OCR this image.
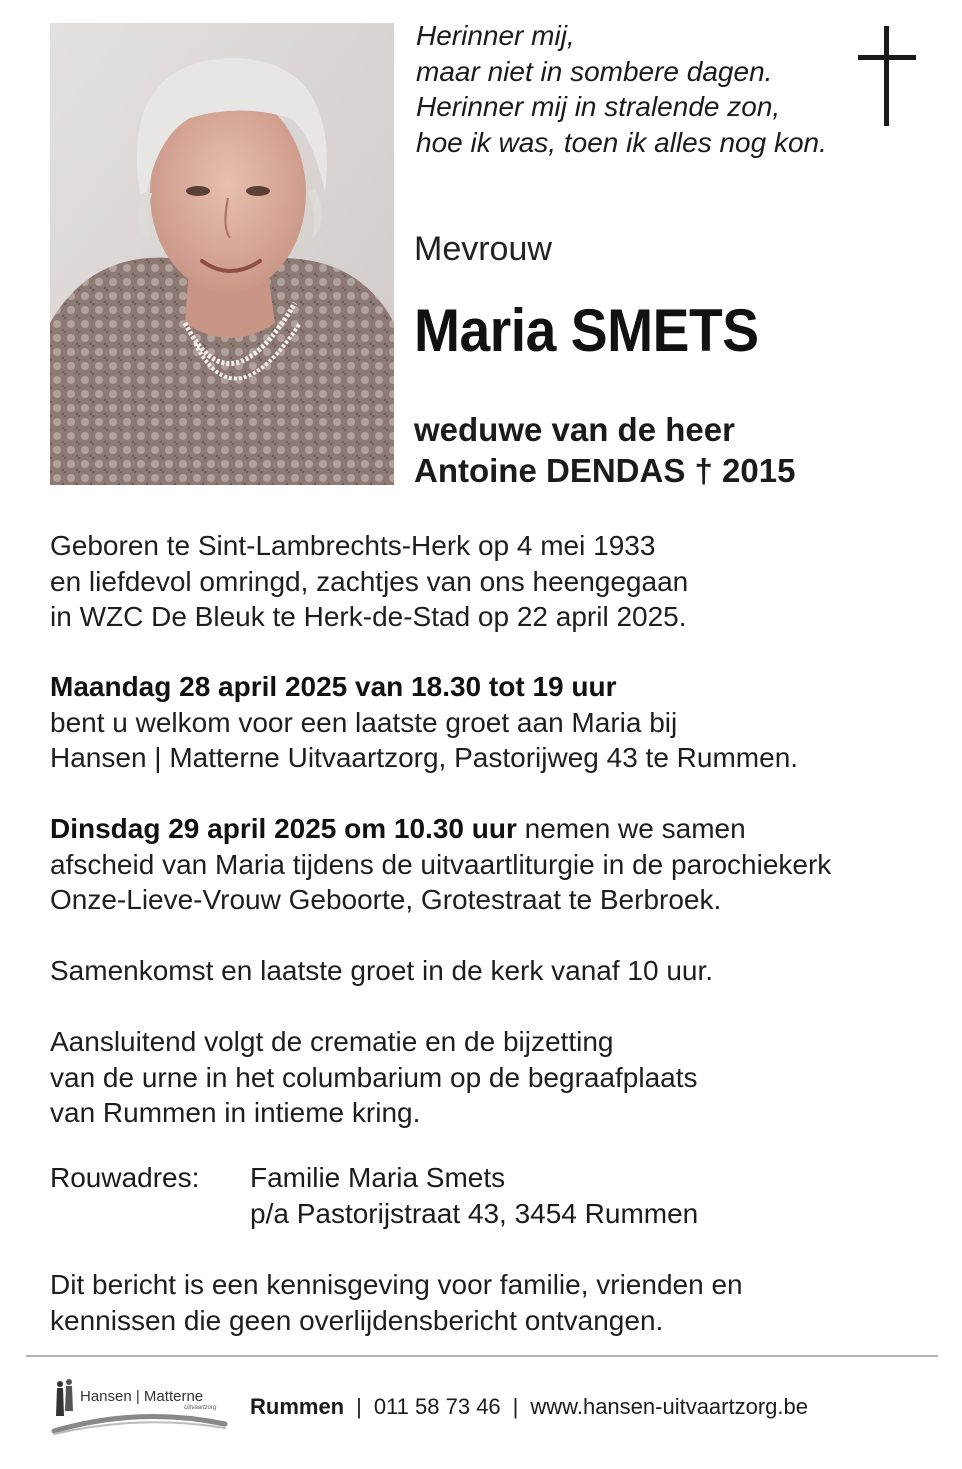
Herinner mij,
maar niet in sombere dagen.
Herinner mij in stralende zon,
hoe ik was, toen ik alles nog kon.
Mevrouw
Maria SMETS
weduwe van de heer
Antoine DENDAS † 2015
Geboren te Sint-Lambrechts-Herk op 4 mei 1933
en liefdevol omringd, zachtjes van ons heengegaan
in WZC De Bleuk te Herk-de-Stad op 22 april 2025.
Maandag 28 april 2025 van 18.30 tot 19 uur
bent u welkom voor een laatste groet aan Maria bij
Hansen | Matterne Uitvaartzorg, Pastorijweg 43 te Rummen.
Dinsdag 29 april 2025 om 10.30 uur nemen we samen
afscheid van Maria tijdens de uitvaartliturgie in de parochiekerk
Onze-Lieve-Vrouw Geboorte, Grotestraat te Berbroek.
Samenkomst en laatste groet in de kerk vanaf 10 uur.
Aansluitend volgt de crematie en de bijzetting
van de urne in het columbarium op de begraafplaats
van Rummen in intieme kring.
Rouwadres: Familie Maria Smets
p/a Pastorijstraat 43, 3454 Rummen
Dit bericht is een kennisgeving voor familie, vrienden en
kennissen die geen overlijdensbericht ontvangen.
Hansen | Matterne
Uitvaartzorg Rummen | 011 58 73 46 | www.hansen-uitvaartzorg.be
